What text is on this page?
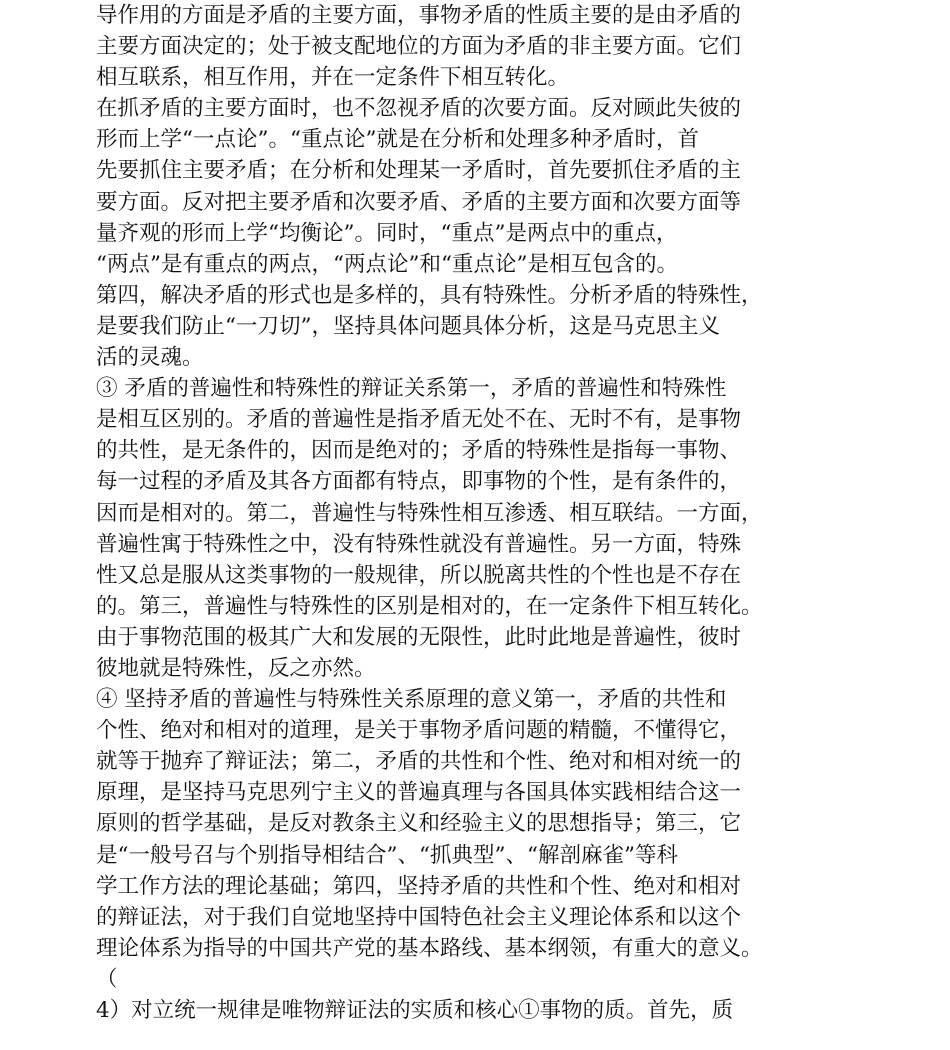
导作用的方面是矛盾的主要方面，事物矛盾的性质主要的是由矛盾的
主要方面决定的；处于被支配地位的方面为矛盾的非主要方面。它们
相互联系，相互作用，并在一定条件下相互转化。
在抓矛盾的主要方面时，也不忽视矛盾的次要方面。反对顾此失彼的
形而上学“一点论”。“重点论”就是在分析和处理多种矛盾时，首
先要抓住主要矛盾；在分析和处理某一矛盾时，首先要抓住矛盾的主
要方面。反对把主要矛盾和次要矛盾、矛盾的主要方面和次要方面等
量齐观的形而上学“均衡论”。同时，“重点”是两点中的重点，
“两点”是有重点的两点，“两点论”和“重点论”是相互包含的。
第四，解决矛盾的形式也是多样的，具有特殊性。分析矛盾的特殊性，
是要我们防止“一刀切”，坚持具体问题具体分析，这是马克思主义
活的灵魂。
③ 矛盾的普遍性和特殊性的辩证关系第一，矛盾的普遍性和特殊性
是相互区别的。矛盾的普遍性是指矛盾无处不在、无时不有，是事物
的共性，是无条件的，因而是绝对的；矛盾的特殊性是指每一事物、
每一过程的矛盾及其各方面都有特点，即事物的个性，是有条件的，
因而是相对的。第二，普遍性与特殊性相互渗透、相互联结。一方面，
普遍性寓于特殊性之中，没有特殊性就没有普遍性。另一方面，特殊
性又总是服从这类事物的一般规律，所以脱离共性的个性也是不存在
的。第三，普遍性与特殊性的区别是相对的，在一定条件下相互转化。
由于事物范围的极其广大和发展的无限性，此时此地是普遍性，彼时
彼地就是特殊性，反之亦然。
④ 坚持矛盾的普遍性与特殊性关系原理的意义第一，矛盾的共性和
个性、绝对和相对的道理，是关于事物矛盾问题的精髓，不懂得它，
就等于抛弃了辩证法；第二，矛盾的共性和个性、绝对和相对统一的
原理，是坚持马克思列宁主义的普遍真理与各国具体实践相结合这一
原则的哲学基础，是反对教条主义和经验主义的思想指导；第三，它
是“一般号召与个别指导相结合”、“抓典型”、“解剖麻雀”等科
学工作方法的理论基础；第四，坚持矛盾的共性和个性、绝对和相对
的辩证法，对于我们自觉地坚持中国特色社会主义理论体系和以这个
理论体系为指导的中国共产党的基本路线、基本纲领，有重大的意义。
（
4）对立统一规律是唯物辩证法的实质和核心①事物的质。首先，质
